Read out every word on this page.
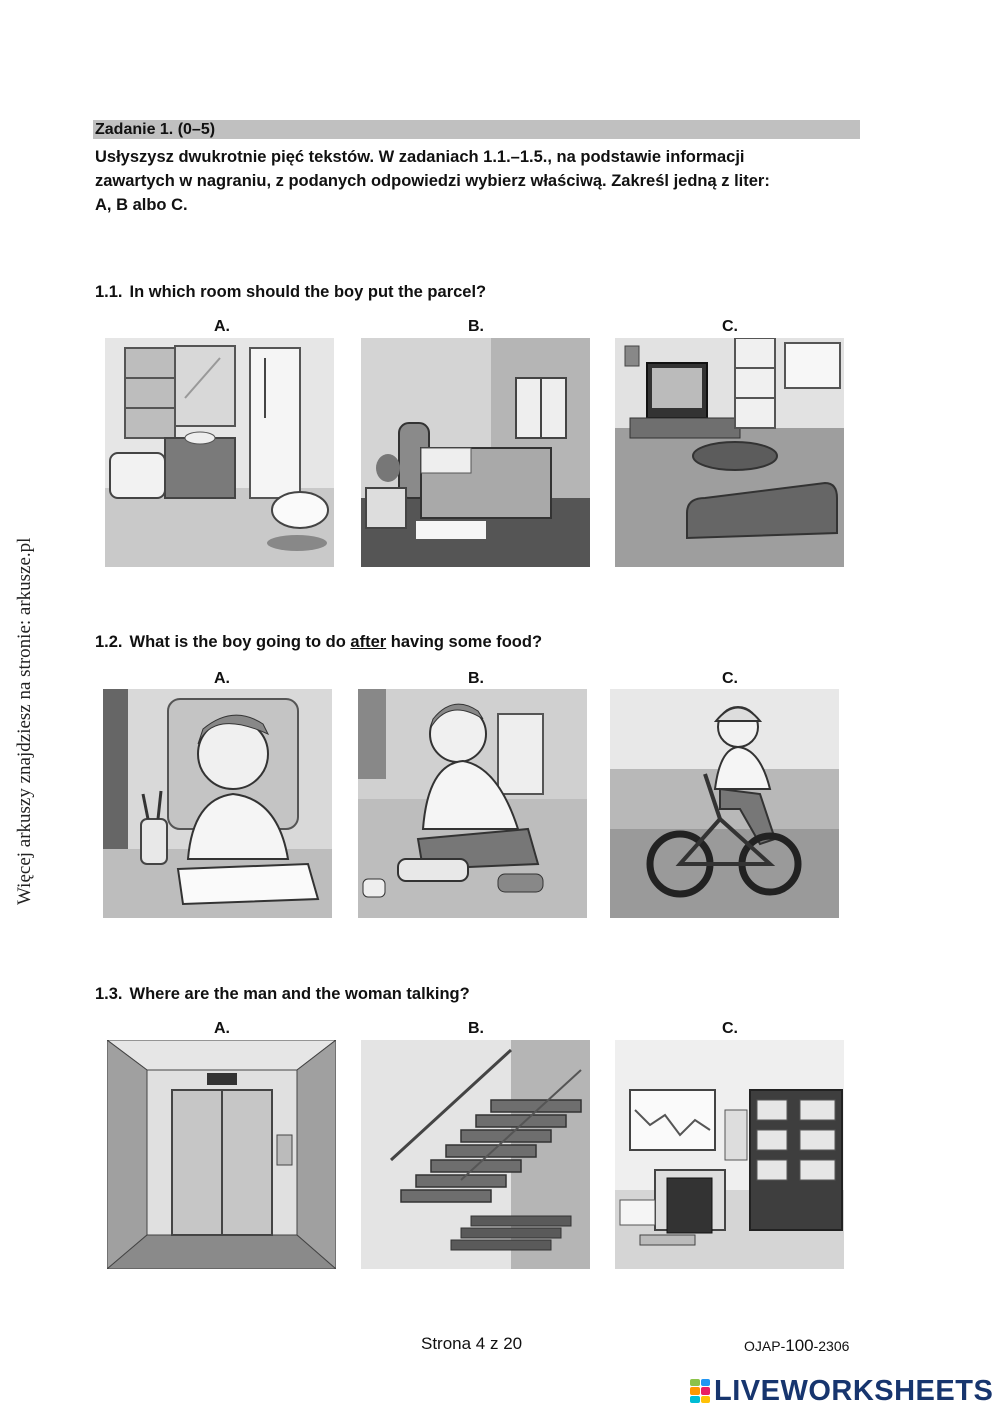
Więcej arkuszy znajdziesz na stronie: arkusze.pl
Zadanie 1. (0–5)
Usłyszysz dwukrotnie pięć tekstów. W zadaniach 1.1.–1.5., na podstawie informacji
zawartych w nagraniu, z podanych odpowiedzi wybierz właściwą. Zakreśl jedną z liter:
A, B albo C.
1.1. In which room should the boy put the parcel?
A.	B.	C.
1.2. What is the boy going to do after having some food?
A.	B.	C.
1.3. Where are the man and the woman talking?
A.	B.	C.
Strona 4 z 20	OJAP-100-2306
LIVEWORKSHEETS
